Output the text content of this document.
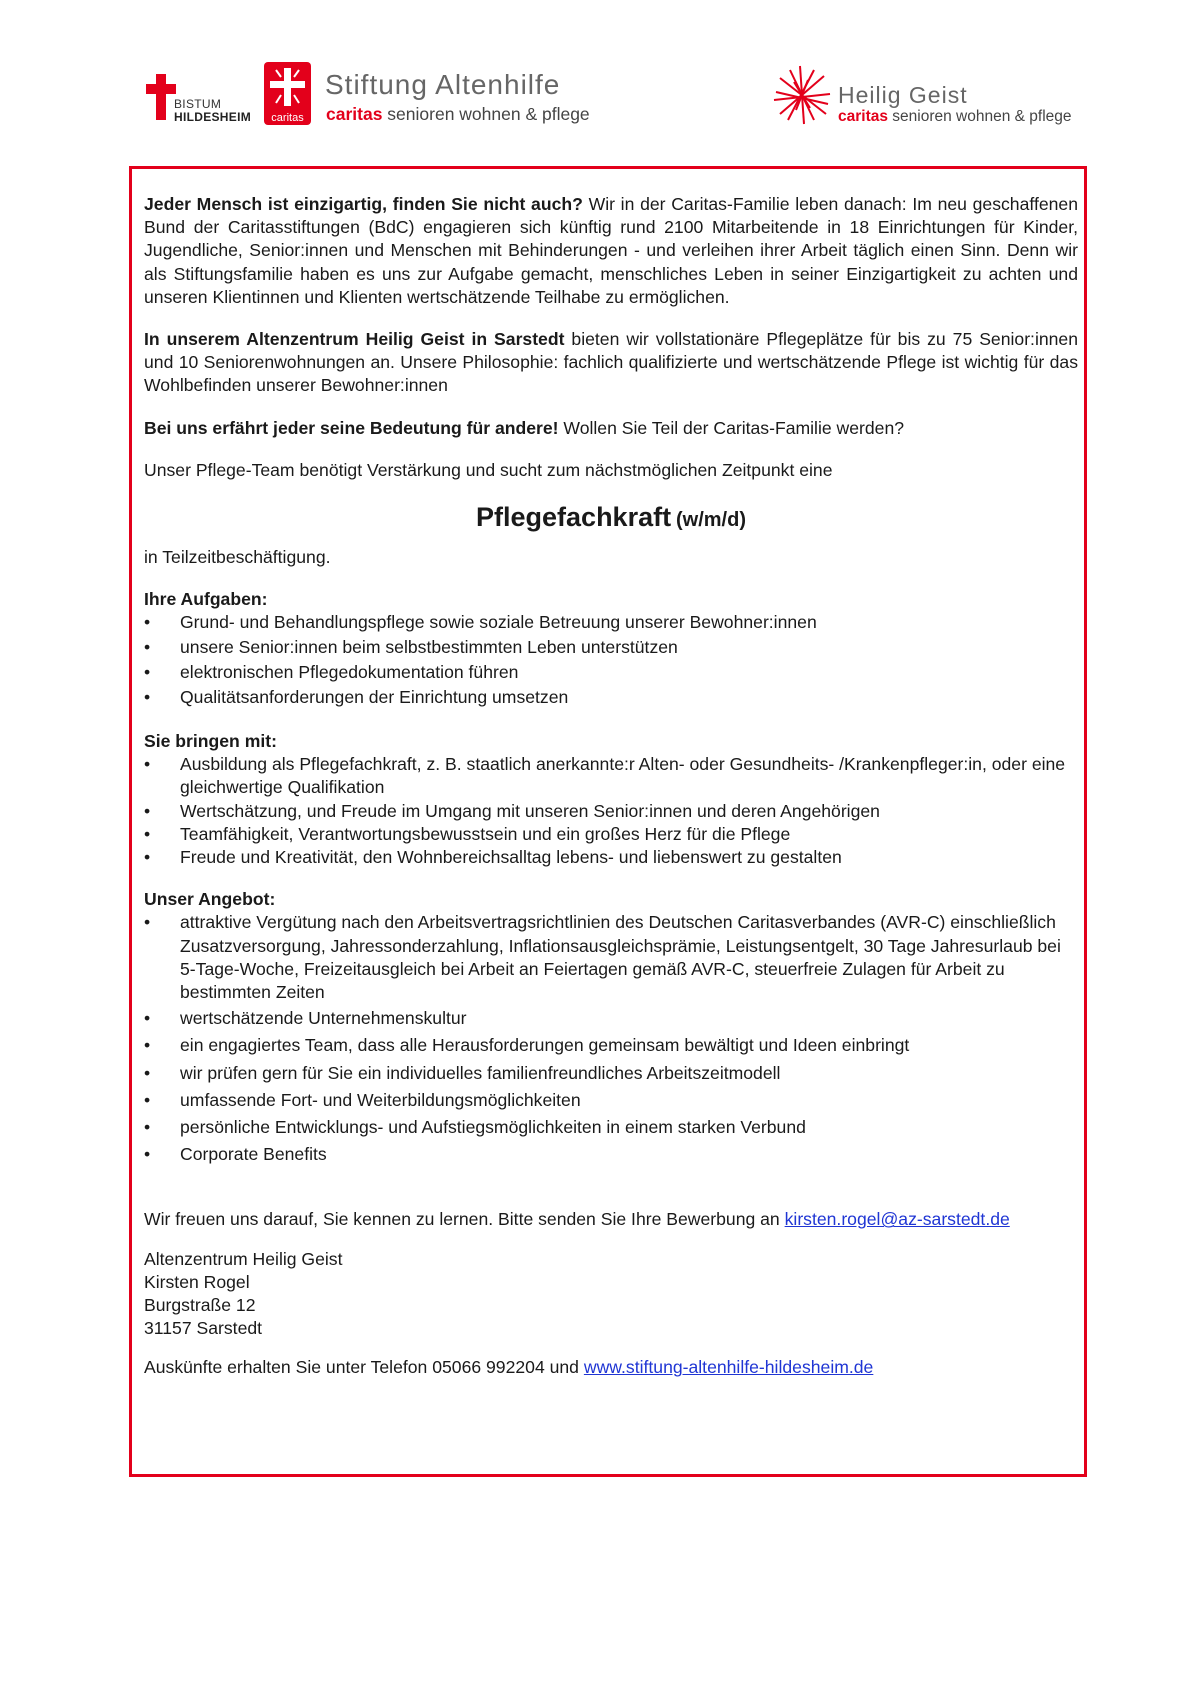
BISTUM
HILDESHEIM	caritas
Stiftung Altenhilfe
caritas senioren wohnen & pflege
Heilig Geist
caritas senioren wohnen & pflege

Jeder Mensch ist einzigartig, finden Sie nicht auch? Wir in der Caritas-Familie leben danach: Im neu geschaffenen Bund der Caritasstiftungen (BdC) engagieren sich künftig rund 2100 Mitarbeitende in 18 Einrichtungen für Kinder, Jugendliche, Senior:innen und Menschen mit Behinderungen - und verleihen ihrer Arbeit täglich einen Sinn. Denn wir als Stiftungsfamilie haben es uns zur Aufgabe gemacht, menschliches Leben in seiner Einzigartigkeit zu achten und unseren Klientinnen und Klienten wertschätzende Teilhabe zu ermöglichen.

In unserem Altenzentrum Heilig Geist in Sarstedt bieten wir vollstationäre Pflegeplätze für bis zu 75 Senior:innen und 10 Seniorenwohnungen an. Unsere Philosophie: fachlich qualifizierte und wertschätzende Pflege ist wichtig für das Wohlbefinden unserer Bewohner:innen

Bei uns erfährt jeder seine Bedeutung für andere! Wollen Sie Teil der Caritas-Familie werden?

Unser Pflege-Team benötigt Verstärkung und sucht zum nächstmöglichen Zeitpunkt eine

Pflegefachkraft (w/m/d)

in Teilzeitbeschäftigung.

Ihre Aufgaben:

• Grund- und Behandlungspflege sowie soziale Betreuung unserer Bewohner:innen
• unsere Senior:innen beim selbstbestimmten Leben unterstützen
• elektronischen Pflegedokumentation führen
• Qualitätsanforderungen der Einrichtung umsetzen

Sie bringen mit:

• Ausbildung als Pflegefachkraft, z. B. staatlich anerkannte:r Alten- oder Gesundheits- /Krankenpfleger:in, oder eine gleichwertige Qualifikation
• Wertschätzung, und Freude im Umgang mit unseren Senior:innen und deren Angehörigen
• Teamfähigkeit, Verantwortungsbewusstsein und ein großes Herz für die Pflege
• Freude und Kreativität, den Wohnbereichsalltag lebens- und liebenswert zu gestalten

Unser Angebot:

• attraktive Vergütung nach den Arbeitsvertragsrichtlinien des Deutschen Caritasverbandes (AVR-C) einschließlich Zusatzversorgung, Jahressonderzahlung, Inflationsausgleichsprämie, Leistungsentgelt, 30 Tage Jahresurlaub bei 5-Tage-Woche, Freizeitausgleich bei Arbeit an Feiertagen gemäß AVR-C, steuerfreie Zulagen für Arbeit zu bestimmten Zeiten
• wertschätzende Unternehmenskultur
• ein engagiertes Team, dass alle Herausforderungen gemeinsam bewältigt und Ideen einbringt
• wir prüfen gern für Sie ein individuelles familienfreundliches Arbeitszeitmodell
• umfassende Fort- und Weiterbildungsmöglichkeiten
• persönliche Entwicklungs- und Aufstiegsmöglichkeiten in einem starken Verbund
• Corporate Benefits

Wir freuen uns darauf, Sie kennen zu lernen. Bitte senden Sie Ihre Bewerbung an kirsten.rogel@az-sarstedt.de

Altenzentrum Heilig Geist

Kirsten Rogel

Burgstraße 12

31157 Sarstedt

Auskünfte erhalten Sie unter Telefon 05066 992204 und www.stiftung-altenhilfe-hildesheim.de
